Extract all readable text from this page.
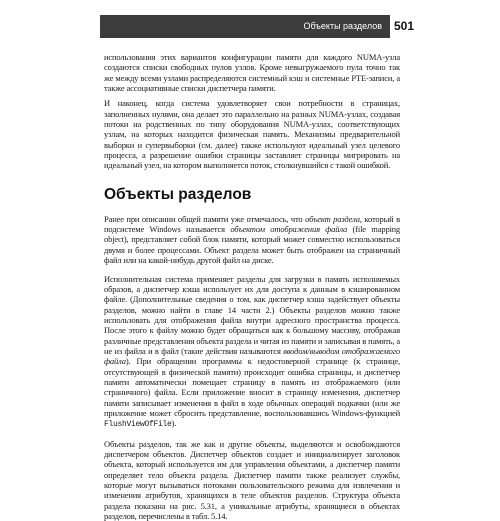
Объекты разделов	501

использования этих вариантов конфигурации памяти для каждого NUMA-узла создаются списки свободных пулов узлов. Кроме невыгружаемого пула точно так же между всеми узлами распределяются системный кэш и системные PTE-записи, а также ассоциативные списки диспетчера памяти.

И наконец, когда система удовлетворяет свои потребности в страницах, заполненных нулями, она делает это параллельно на разных NUMA-узлах, создавая потоки на родственных по типу оборудования NUMA-узлах, соответствующих узлам, на которых находится физическая память. Механизмы предварительной выборки и супервыборки (см. далее) также используют идеальный узел целевого процесса, а разрешение ошибки страницы заставляет страницы мигрировать на идеальный узел, на котором выполняется поток, столкнувшийся с такой ошибкой.

Объекты разделов

Ранее при описании общей памяти уже отмечалось, что объект раздела, который в подсистеме Windows называется объектом отображения файла (file mapping object), представляет собой блок памяти, который может совместно использоваться двумя и более процессами. Объект раздела может быть отображен на страничный файл или на какой-нибудь другой файл на диске.

Исполнительная система применяет разделы для загрузки в память исполняемых образов, а диспетчер кэша использует их для доступа к данным в кэшированном файле. (Дополнительные сведения о том, как диспетчер кэша задействует объекты разделов, можно найти в главе 14 части 2.) Объекты разделов можно также использовать для отображения файла внутри адресного пространства процесса. После этого к файлу можно будет обращаться как к большому массиву, отображая различные представления объекта раздела и читая из памяти и записывая в память, а не из файла и в файл (такие действия называются вводом/выводом отображаемого файла). При обращении программы к недостоверной странице (к странице, отсутствующей в физической памяти) происходит ошибка страницы, и диспетчер памяти автоматически помещает страницу в память из отображаемого (или страничного) файла. Если приложение вносит в страницу изменения, диспетчер памяти записывает изменения в файл в ходе обычных операций подкачки (или же приложение может сбросить представление, воспользовавшись Windows-функцией FlushViewOfFile).

Объекты разделов, так же как и другие объекты, выделяются и освобождаются диспетчером объектов. Диспетчер объектов создает и инициализирует заголовок объекта, который используется им для управления объектами, а диспетчер памяти определяет тело объекта раздела. Диспетчер памяти также реализует службы, которые могут вызываться потоками пользовательского режима для извлечения и изменения атрибутов, хранящихся в теле объектов разделов. Структура объекта раздела показана на рис. 5.31, а уникальные атрибуты, хранящиеся в объектах разделов, перечислены в табл. 5.14.
